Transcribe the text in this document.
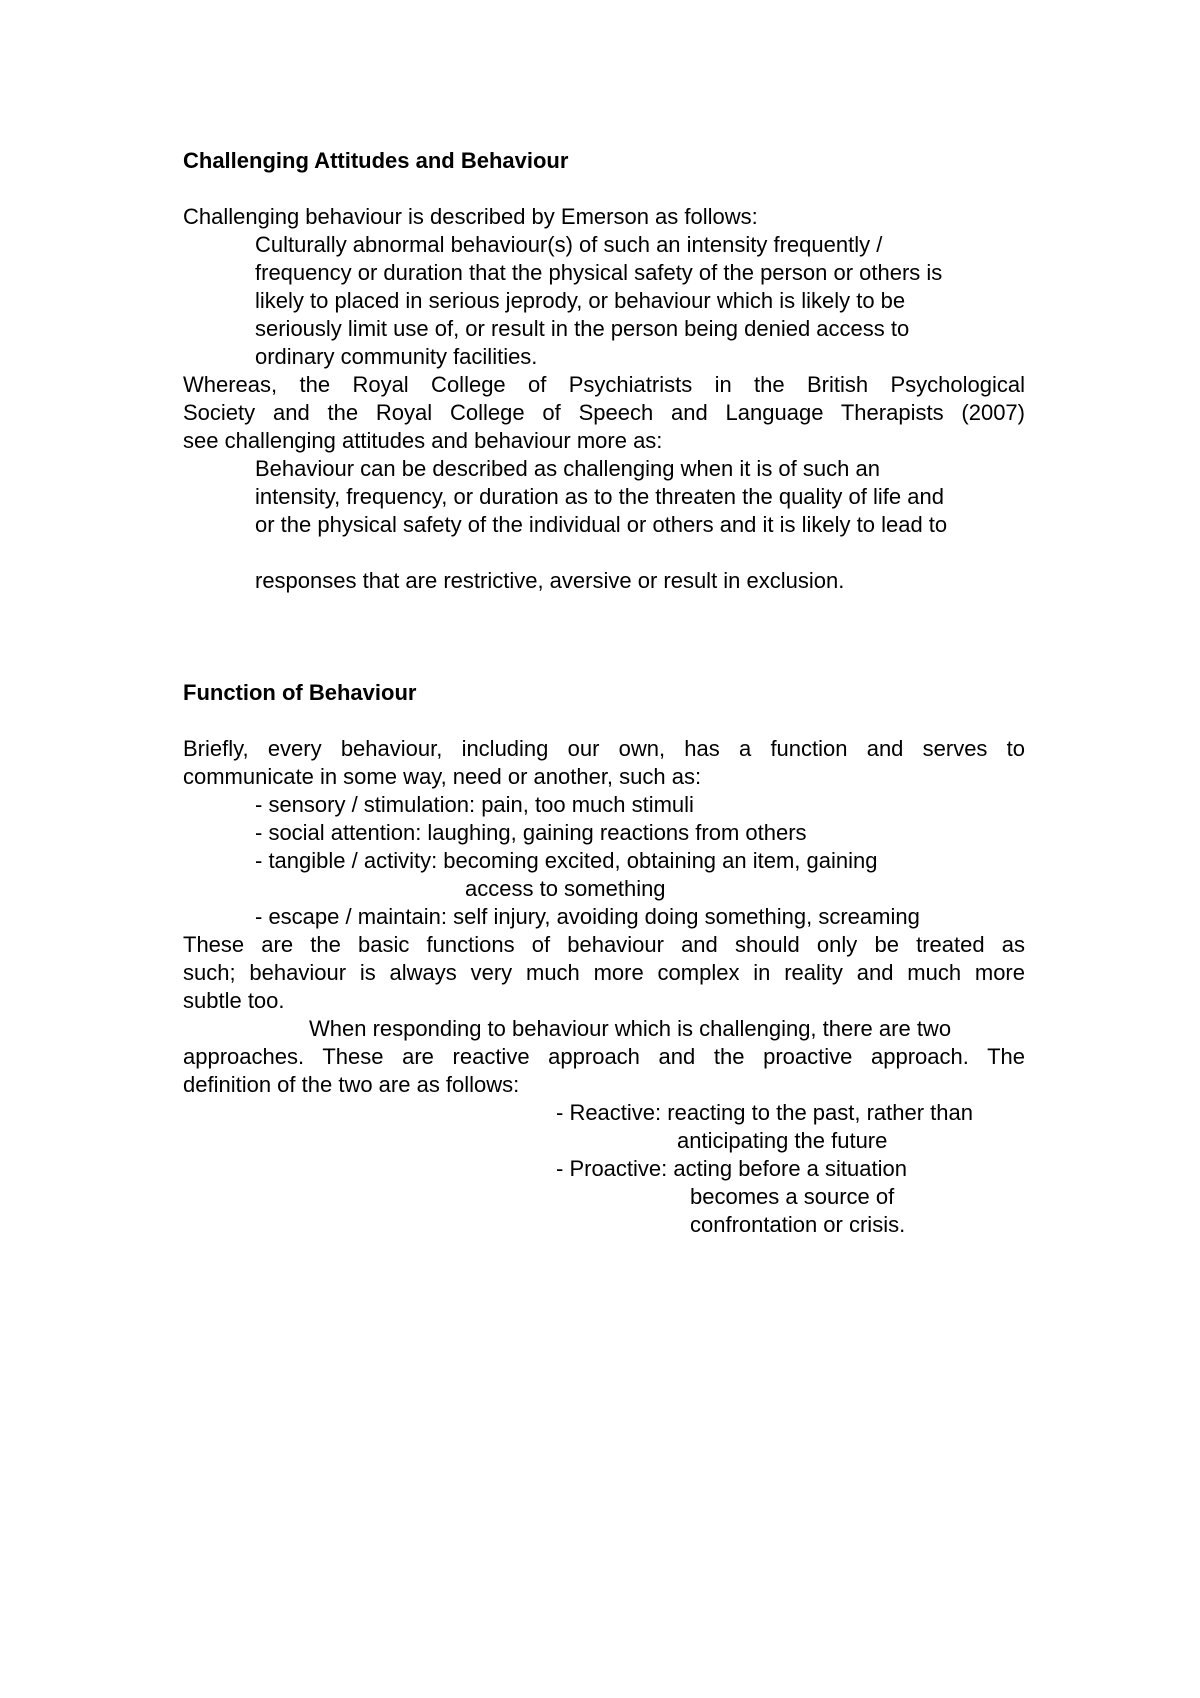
Challenging Attitudes and Behaviour
Challenging behaviour is described by Emerson as follows:
Culturally abnormal behaviour(s) of such an intensity frequently /
frequency or duration that the physical safety of the person or others is
likely to placed in serious jeprody, or behaviour which is likely to be
seriously limit use of, or result in the person being denied access to
ordinary community facilities.
Whereas, the Royal College of Psychiatrists in the British Psychological
Society and the Royal College of Speech and Language Therapists (2007)
see challenging attitudes and behaviour more as:
Behaviour can be described as challenging when it is of such an
intensity, frequency, or duration as to the threaten the quality of life and
or the physical safety of the individual or others and it is likely to lead to
responses that are restrictive, aversive or result in exclusion.
Function of Behaviour
Briefly, every behaviour, including our own, has a function and serves to
communicate in some way, need or another, such as:
- sensory / stimulation: pain, too much stimuli
- social attention: laughing, gaining reactions from others
- tangible / activity: becoming excited, obtaining an item, gaining
access to something
- escape / maintain: self injury, avoiding doing something, screaming
These are the basic functions of behaviour and should only be treated as
such; behaviour is always very much more complex in reality and much more
subtle too.
When responding to behaviour which is challenging, there are two
approaches. These are reactive approach and the proactive approach. The
definition of the two are as follows:
- Reactive: reacting to the past, rather than
anticipating the future
- Proactive: acting before a situation
becomes a source of
confrontation or crisis.
